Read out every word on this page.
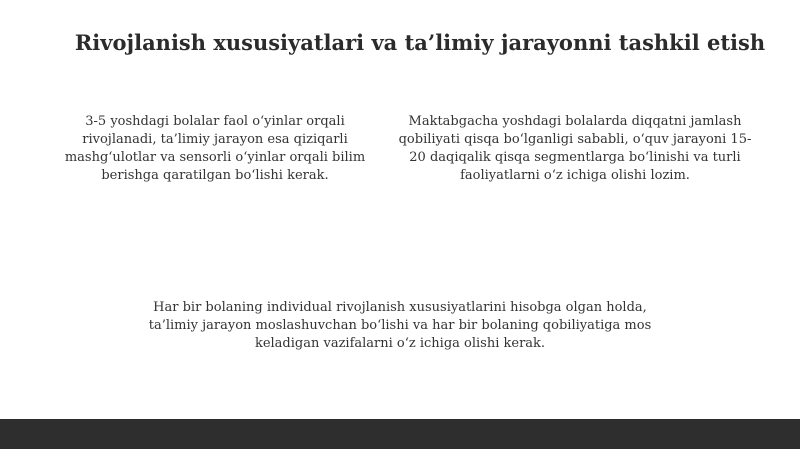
Rivojlanish xususiyatlari va ta’limiy jarayonni tashkil etish

3-5 yoshdagi bolalar faol o‘yinlar orqali rivojlanadi, ta’limiy jarayon esa qiziqarli mashg‘ulotlar va sensorli o‘yinlar orqali bilim berishga qaratilgan bo‘lishi kerak.

Maktabgacha yoshdagi bolalarda diqqatni jamlash qobiliyati qisqa bo‘lganligi sababli, o‘quv jarayoni 15-20 daqiqalik qisqa segmentlarga bo‘linishi va turli faoliyatlarni o‘z ichiga olishi lozim.

Har bir bolaning individual rivojlanish xususiyatlarini hisobga olgan holda, ta’limiy jarayon moslashuvchan bo‘lishi va har bir bolaning qobiliyatiga mos keladigan vazifalarni o‘z ichiga olishi kerak.
